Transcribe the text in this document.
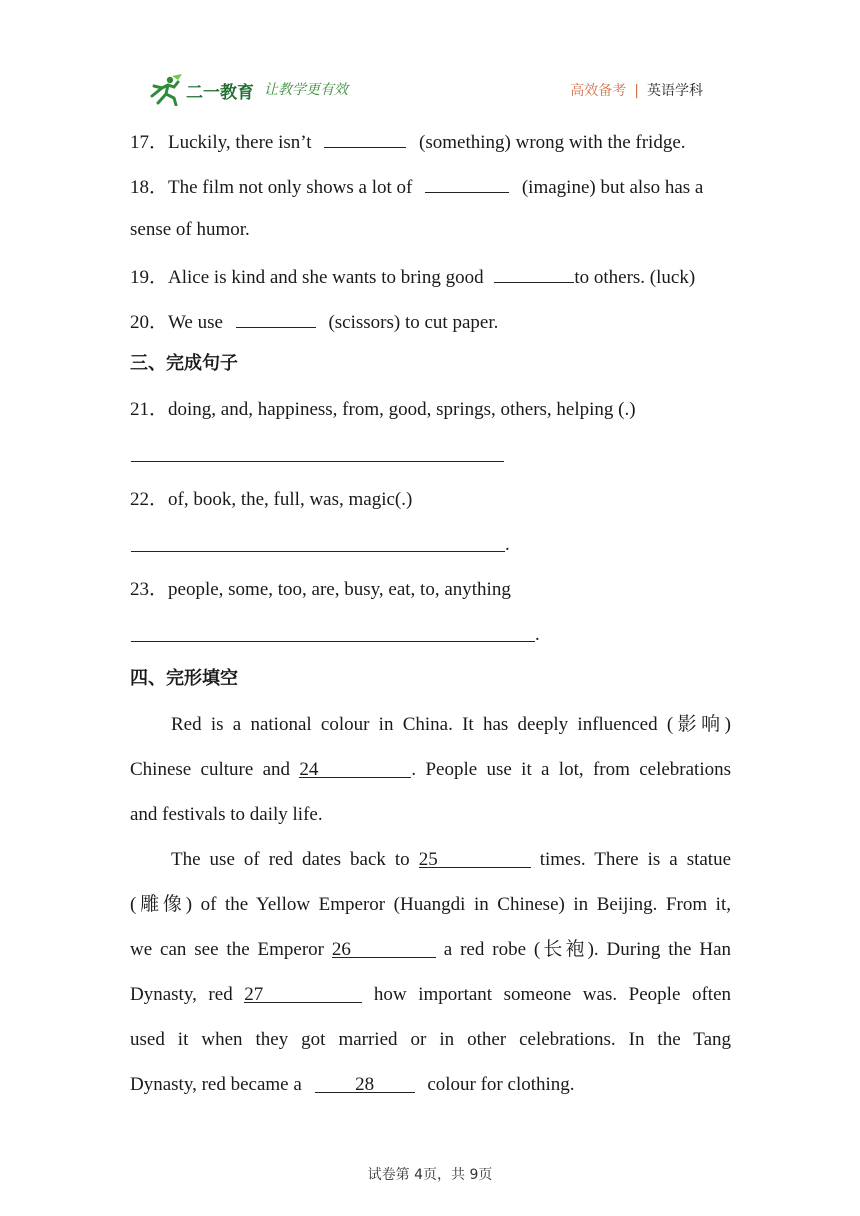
二一教育 让教学更有效	高效备考 | 英语学科
17．Luckily, there isn’t	(something) wrong with the fridge.
18．The film not only shows a lot of	(imagine) but also has a
sense of humor.
19．Alice is kind and she wants to bring good	to others. (luck)
20．We use	(scissors) to cut paper.
三、完成句子
21．doing, and, happiness, from, good, springs, others, helping (.)
22．of, book, the, full, was, magic(.)
.
23．people, some, too, are, busy, eat, to, anything
.
四、完形填空
Red is a national colour in China. It has deeply influenced (影响)
Chinese culture and 24	. People use it a lot, from celebrations
and festivals to daily life.
The use of red dates back to 25	times. There is a statue
(雕像) of the Yellow Emperor (Huangdi in Chinese) in Beijing. From it,
we can see the Emperor 26	a red robe (长袍). During the Han
Dynasty, red 27	how important someone was. People often
used it when they got married or in other celebrations. In the Tang
Dynasty, red became a	28	colour for clothing.
试卷第 4页，共 9页
